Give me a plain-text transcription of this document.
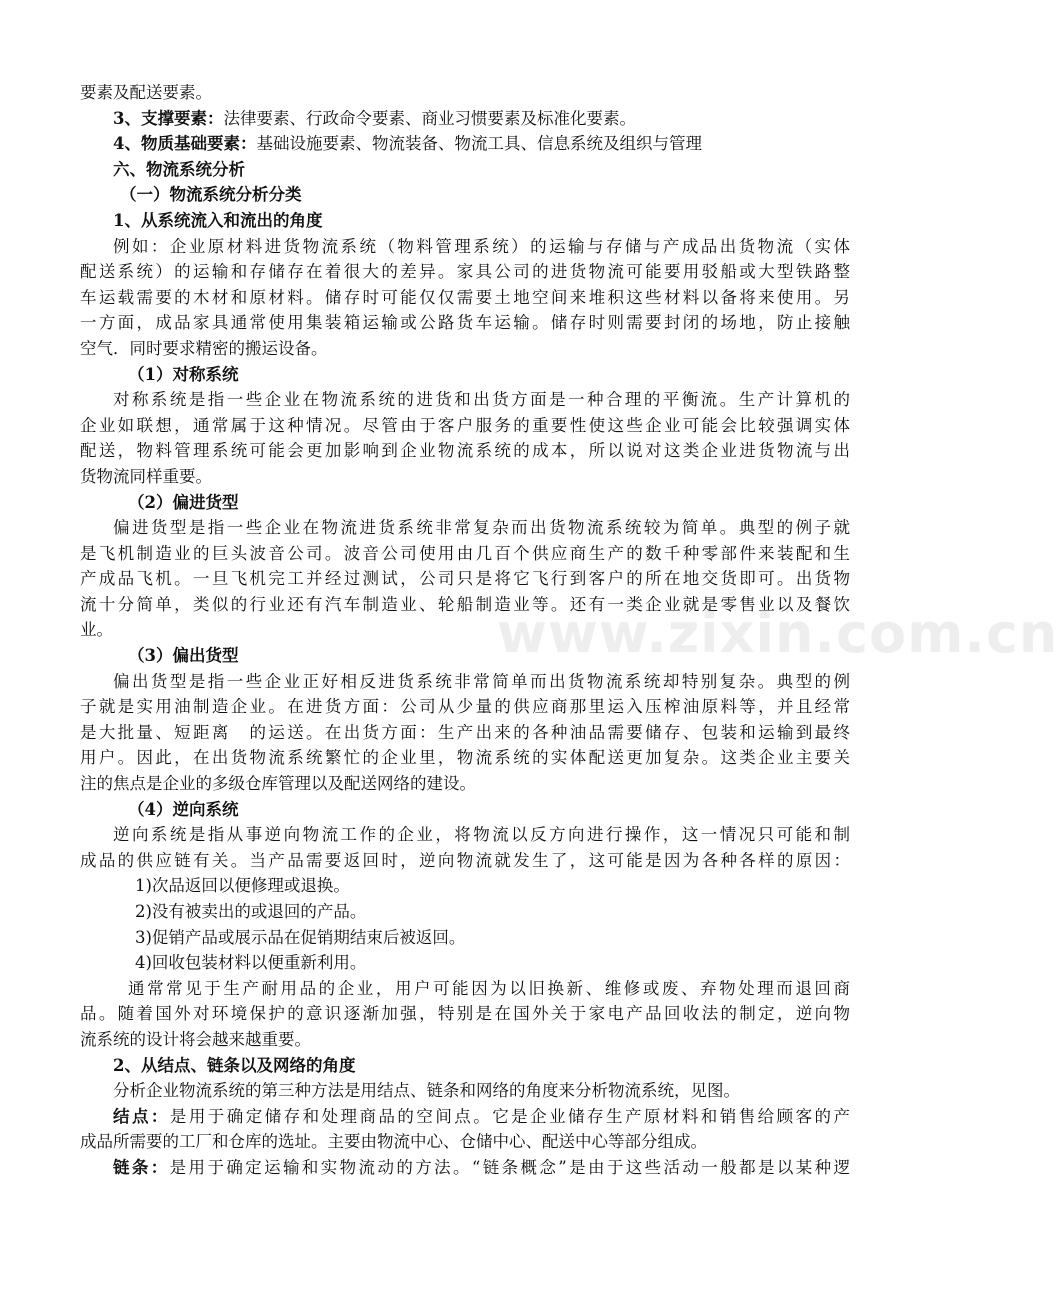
要素及配送要素。
3、支撑要素：法律要素、行政命令要素、商业习惯要素及标准化要素。
4、物质基础要素：基础设施要素、物流装备、物流工具、信息系统及组织与管理
六、物流系统分析
（一）物流系统分析分类
1、从系统流入和流出的角度
例如：企业原材料进货物流系统（物料管理系统）的运输与存储与产成品出货物流（实体
配送系统）的运输和存储存在着很大的差异。家具公司的进货物流可能要用驳船或大型铁路整
车运载需要的木材和原材料。储存时可能仅仅需要土地空间来堆积这些材料以备将来使用。另
一方面，成品家具通常使用集装箱运输或公路货车运输。储存时则需要封闭的场地，防止接触
空气．同时要求精密的搬运设备。
（1）对称系统
对称系统是指一些企业在物流系统的进货和出货方面是一种合理的平衡流。生产计算机的
企业如联想，通常属于这种情况。尽管由于客户服务的重要性使这些企业可能会比较强调实体
配送，物料管理系统可能会更加影响到企业物流系统的成本，所以说对这类企业进货物流与出
货物流同样重要。
（2）偏进货型
偏进货型是指一些企业在物流进货系统非常复杂而出货物流系统较为简单。典型的例子就
是飞机制造业的巨头波音公司。波音公司使用由几百个供应商生产的数千种零部件来装配和生
产成品飞机。一旦飞机完工并经过测试，公司只是将它飞行到客户的所在地交货即可。出货物
流十分简单，类似的行业还有汽车制造业、轮船制造业等。还有一类企业就是零售业以及餐饮
业。
（3）偏出货型
偏出货型是指一些企业正好相反进货系统非常简单而出货物流系统却特别复杂。典型的例
子就是实用油制造企业。在进货方面：公司从少量的供应商那里运入压榨油原料等，并且经常
是大批量、短距离　的运送。在出货方面：生产出来的各种油品需要储存、包装和运输到最终
用户。因此，在出货物流系统繁忙的企业里，物流系统的实体配送更加复杂。这类企业主要关
注的焦点是企业的多级仓库管理以及配送网络的建设。
（4）逆向系统
逆向系统是指从事逆向物流工作的企业，将物流以反方向进行操作，这一情况只可能和制
成品的供应链有关。当产品需要返回时，逆向物流就发生了，这可能是因为各种各样的原因：
1)次品返回以便修理或退换。
2)没有被卖出的或退回的产品。
3)促销产品或展示品在促销期结束后被返回。
4)回收包装材料以便重新利用。
通常常见于生产耐用品的企业，用户可能因为以旧换新、维修或废、弃物处理而退回商
品。随着国外对环境保护的意识逐渐加强，特别是在国外关于家电产品回收法的制定，逆向物
流系统的设计将会越来越重要。
2、从结点、链条以及网络的角度
分析企业物流系统的第三种方法是用结点、链条和网络的角度来分析物流系统，见图。
结点：是用于确定储存和处理商品的空间点。它是企业储存生产原材料和销售给顾客的产
成品所需要的工厂和仓库的选址。主要由物流中心、仓储中心、配送中心等部分组成。
链条：是用于确定运输和实物流动的方法。“链条概念”是由于这些活动一般都是以某种逻
www.zixin.com.cn
